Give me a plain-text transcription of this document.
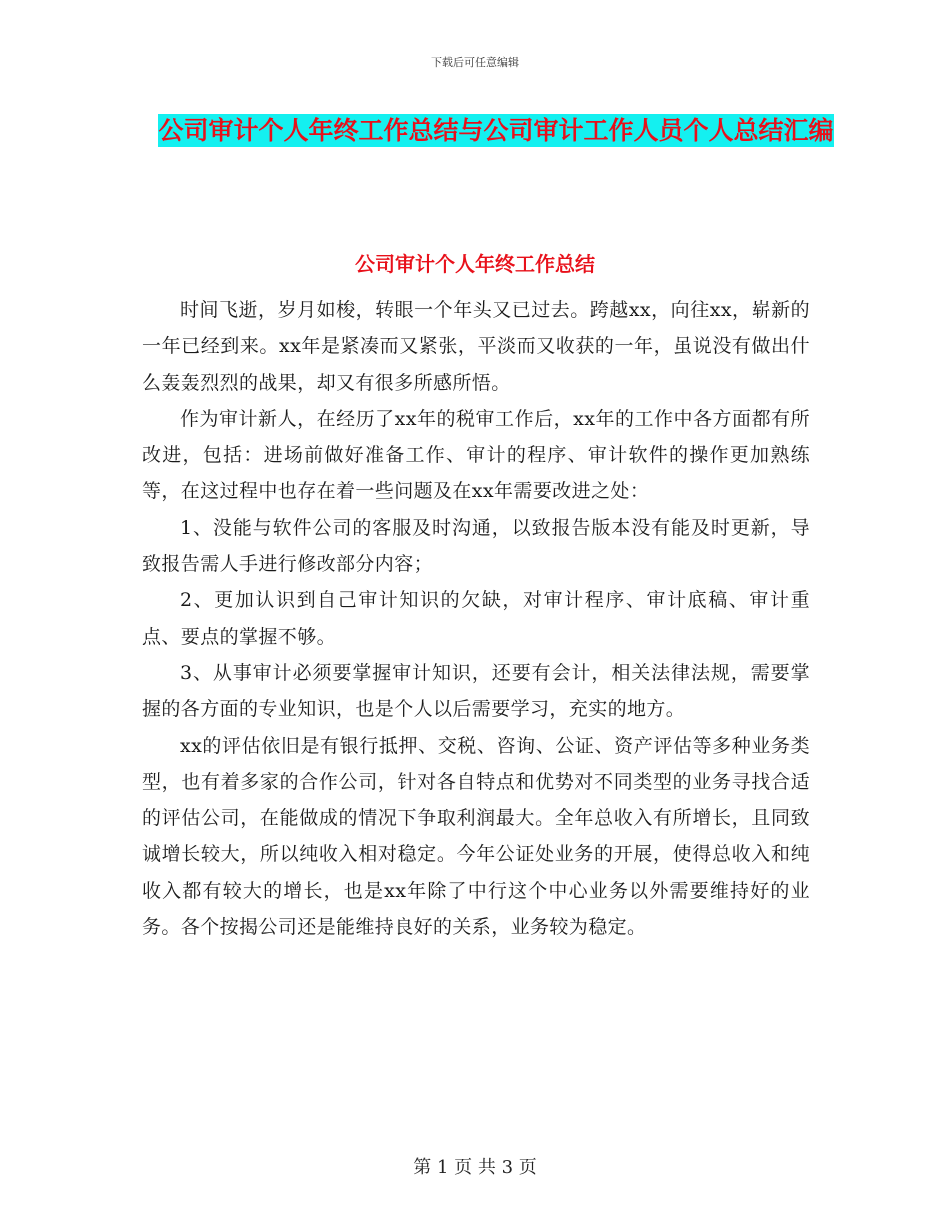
下载后可任意编辑
公司审计个人年终工作总结与公司审计工作人员个人总结汇编
公司审计个人年终工作总结

时间飞逝，岁月如梭，转眼一个年头又已过去。跨越xx，向往xx，崭新的一年已经到来。xx年是紧凑而又紧张，平淡而又收获的一年，虽说没有做出什么轰轰烈烈的战果，却又有很多所感所悟。

作为审计新人，在经历了xx年的税审工作后，xx年的工作中各方面都有所改进，包括：进场前做好准备工作、审计的程序、审计软件的操作更加熟练等，在这过程中也存在着一些问题及在xx年需要改进之处：

1、没能与软件公司的客服及时沟通，以致报告版本没有能及时更新，导致报告需人手进行修改部分内容；

2、更加认识到自己审计知识的欠缺，对审计程序、审计底稿、审计重点、要点的掌握不够。

3、从事审计必须要掌握审计知识，还要有会计，相关法律法规，需要掌握的各方面的专业知识，也是个人以后需要学习，充实的地方。

xx的评估依旧是有银行抵押、交税、咨询、公证、资产评估等多种业务类型，也有着多家的合作公司，针对各自特点和优势对不同类型的业务寻找合适的评估公司，在能做成的情况下争取利润最大。全年总收入有所增长，且同致诚增长较大，所以纯收入相对稳定。今年公证处业务的开展，使得总收入和纯收入都有较大的增长，也是xx年除了中行这个中心业务以外需要维持好的业务。各个按揭公司还是能维持良好的关系，业务较为稳定。

第 1 页 共 3 页
